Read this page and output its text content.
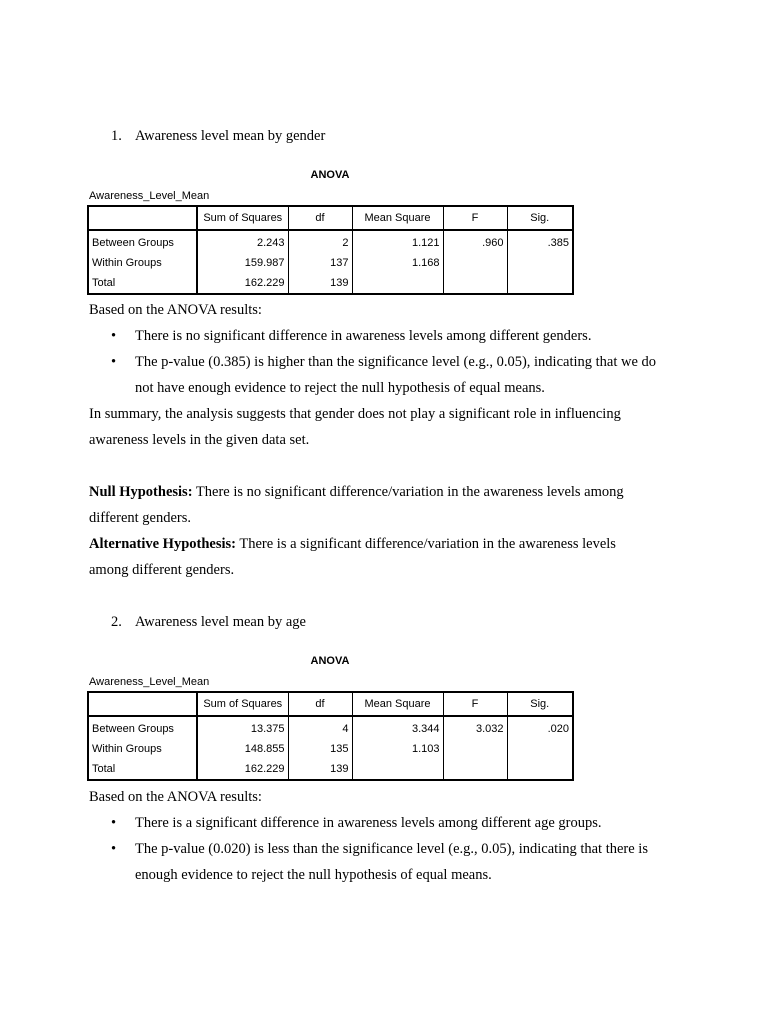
1. Awareness level mean by gender
ANOVA
Awareness_Level_Mean
	Sum of Squares	df	Mean Square	F	Sig.
Between Groups	2.243	2	1.121	.960	.385
Within Groups	159.987	137	1.168		
Total	162.229	139			

Based on the ANOVA results:

• There is no significant difference in awareness levels among different genders.
• The p-value (0.385) is higher than the significance level (e.g., 0.05), indicating that we do not have enough evidence to reject the null hypothesis of equal means.

In summary, the analysis suggests that gender does not play a significant role in influencing awareness levels in the given data set.

Null Hypothesis: There is no significant difference/variation in the awareness levels among different genders.

Alternative Hypothesis: There is a significant difference/variation in the awareness levels among different genders.

2. Awareness level mean by age
ANOVA
Awareness_Level_Mean
	Sum of Squares	df	Mean Square	F	Sig.
Between Groups	13.375	4	3.344	3.032	.020
Within Groups	148.855	135	1.103		
Total	162.229	139			

Based on the ANOVA results:

• There is a significant difference in awareness levels among different age groups.
• The p-value (0.020) is less than the significance level (e.g., 0.05), indicating that there is enough evidence to reject the null hypothesis of equal means.
